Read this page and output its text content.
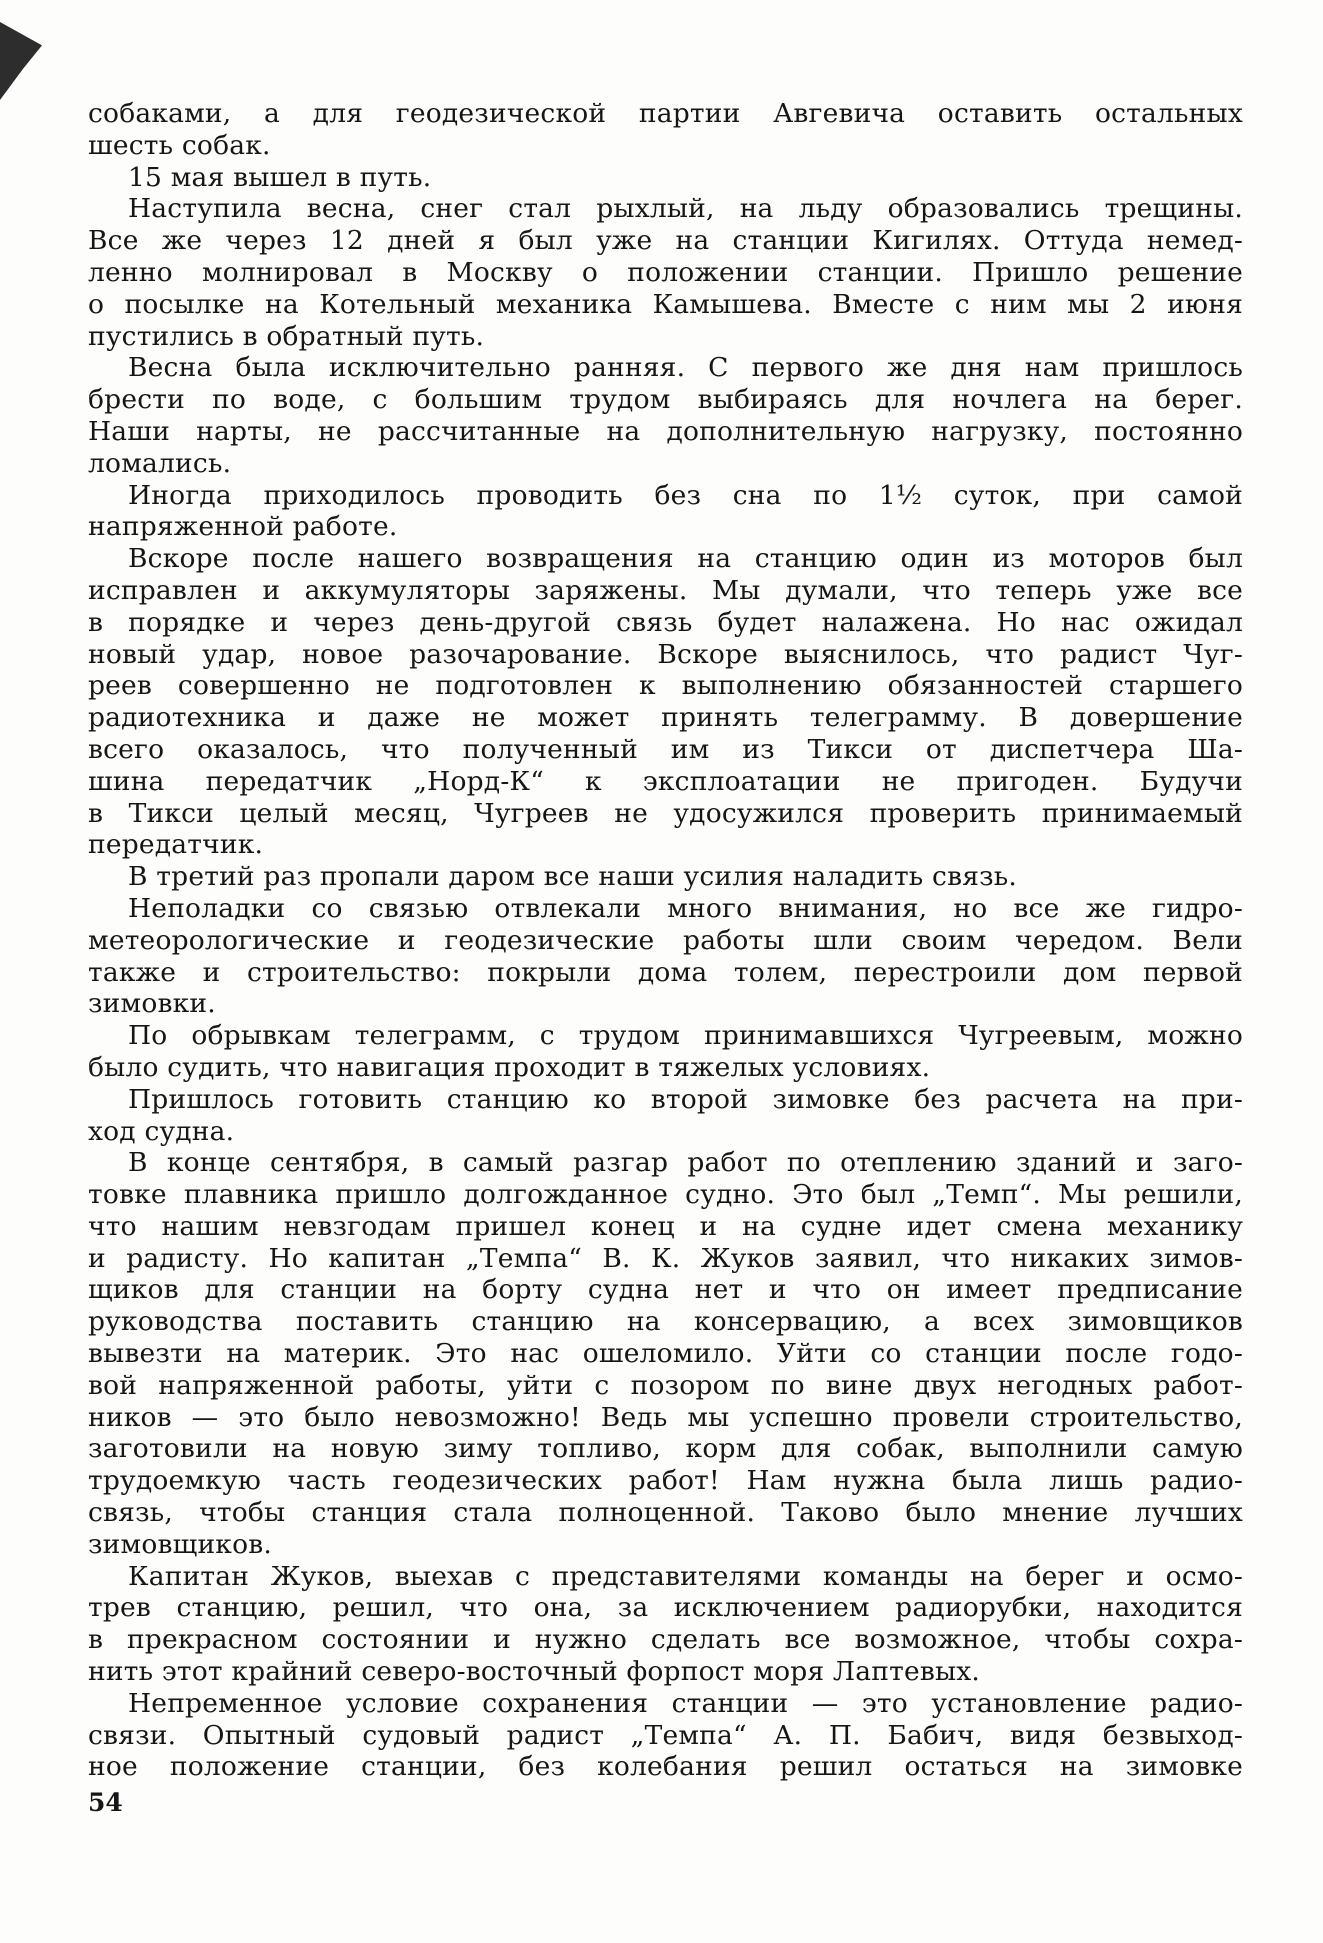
собаками, а для геодезической партии Авгевича оставить остальных
шесть собак.
15 мая вышел в путь.
Наступила весна, снег стал рыхлый, на льду образовались трещины.
Все же через 12 дней я был уже на станции Кигилях. Оттуда немед-
ленно молнировал в Москву о положении станции. Пришло решение
о посылке на Котельный механика Камышева. Вместе с ним мы 2 июня
пустились в обратный путь.
Весна была исключительно ранняя. С первого же дня нам пришлось
брести по воде, с большим трудом выбираясь для ночлега на берег.
Наши нарты, не рассчитанные на дополнительную нагрузку, постоянно
ломались.
Иногда приходилось проводить без сна по 1¹⁄₂ суток, при самой
напряженной работе.
Вскоре после нашего возвращения на станцию один из моторов был
исправлен и аккумуляторы заряжены. Мы думали, что теперь уже все
в порядке и через день-другой связь будет налажена. Но нас ожидал
новый удар, новое разочарование. Вскоре выяснилось, что радист Чуг-
реев совершенно не подготовлен к выполнению обязанностей старшего
радиотехника и даже не может принять телеграмму. В довершение
всего оказалось, что полученный им из Тикси от диспетчера Ша-
шина передатчик „Норд-К“ к эксплоатации не пригоден. Будучи
в Тикси целый месяц, Чугреев не удосужился проверить принимаемый
передатчик.
В третий раз пропали даром все наши усилия наладить связь.
Неполадки со связью отвлекали много внимания, но все же гидро-
метеорологические и геодезические работы шли своим чередом. Вели
также и строительство: покрыли дома толем, перестроили дом первой
зимовки.
По обрывкам телеграмм, с трудом принимавшихся Чугреевым, можно
было судить, что навигация проходит в тяжелых условиях.
Пришлось готовить станцию ко второй зимовке без расчета на при-
ход судна.
В конце сентября, в самый разгар работ по отеплению зданий и заго-
товке плавника пришло долгожданное судно. Это был „Темп“. Мы решили,
что нашим невзгодам пришел конец и на судне идет смена механику
и радисту. Но капитан „Темпа“ В. К. Жуков заявил, что никаких зимов-
щиков для станции на борту судна нет и что он имеет предписание
руководства поставить станцию на консервацию, а всех зимовщиков
вывезти на материк. Это нас ошеломило. Уйти со станции после годо-
вой напряженной работы, уйти с позором по вине двух негодных работ-
ников — это было невозможно! Ведь мы успешно провели строительство,
заготовили на новую зиму топливо, корм для собак, выполнили самую
трудоемкую часть геодезических работ! Нам нужна была лишь радио-
связь, чтобы станция стала полноценной. Таково было мнение лучших
зимовщиков.
Капитан Жуков, выехав с представителями команды на берег и осмо-
трев станцию, решил, что она, за исключением радиорубки, находится
в прекрасном состоянии и нужно сделать все возможное, чтобы сохра-
нить этот крайний северо-восточный форпост моря Лаптевых.
Непременное условие сохранения станции — это установление радио-
связи. Опытный судовый радист „Темпа“ А. П. Бабич, видя безвыход-
ное положение станции, без колебания решил остаться на зимовке
54
